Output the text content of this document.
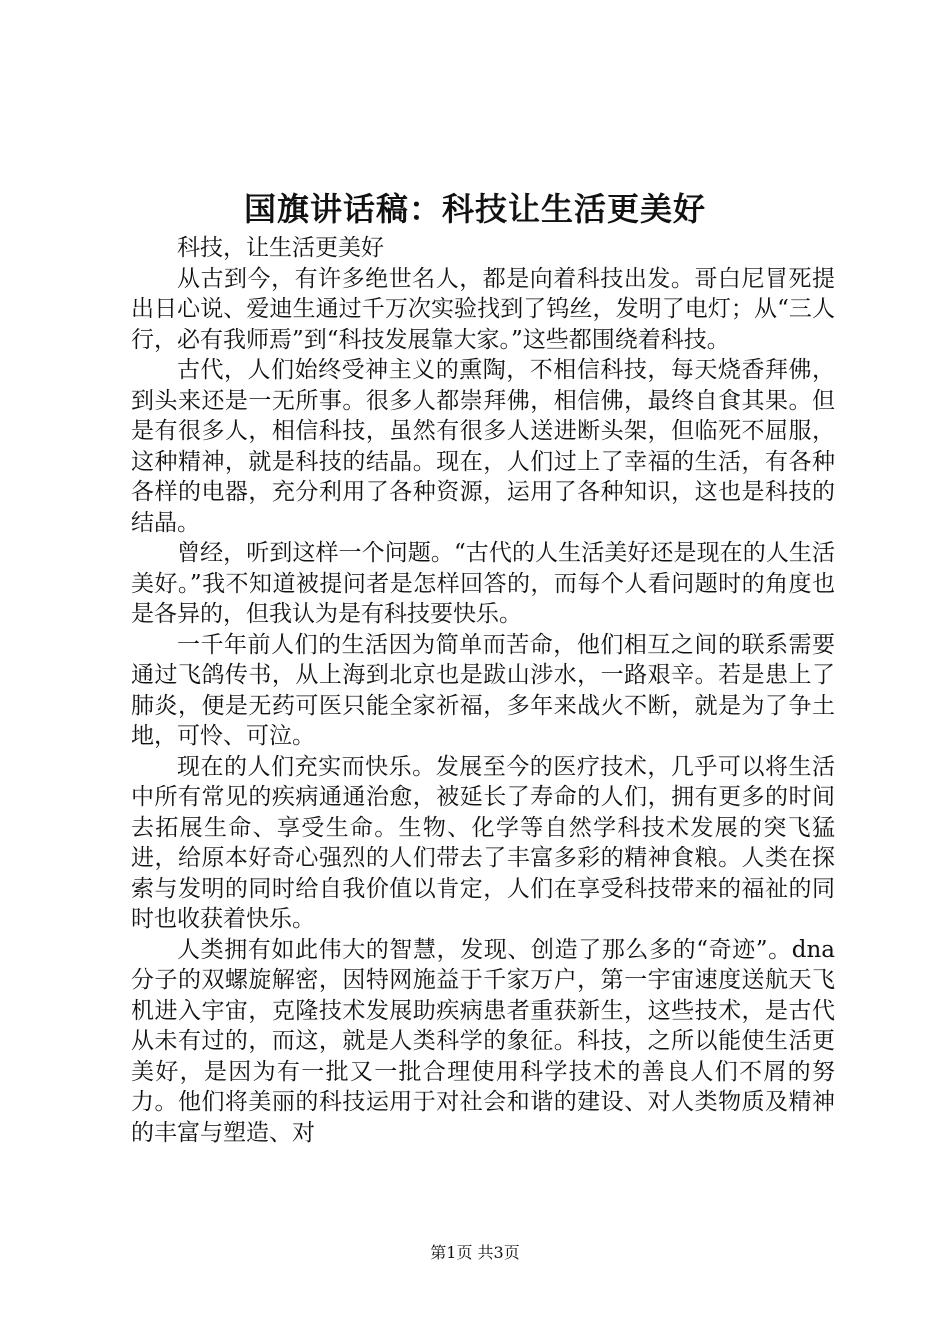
国旗讲话稿：科技让生活更美好

科技，让生活更美好

从古到今，有许多绝世名人，都是向着科技出发。哥白尼冒死提出日心说、爱迪生通过千万次实验找到了钨丝，发明了电灯；从“三人行，必有我师焉”到“科技发展靠大家。”这些都围绕着科技。

古代，人们始终受神主义的熏陶，不相信科技，每天烧香拜佛，到头来还是一无所事。很多人都崇拜佛，相信佛，最终自食其果。但是有很多人，相信科技，虽然有很多人送进断头架，但临死不屈服，这种精神，就是科技的结晶。现在，人们过上了幸福的生活，有各种各样的电器，充分利用了各种资源，运用了各种知识，这也是科技的结晶。

曾经，听到这样一个问题。“古代的人生活美好还是现在的人生活美好。”我不知道被提问者是怎样回答的，而每个人看问题时的角度也是各异的，但我认为是有科技要快乐。

一千年前人们的生活因为简单而苦命，他们相互之间的联系需要通过飞鸽传书，从上海到北京也是跋山涉水，一路艰辛。若是患上了肺炎，便是无药可医只能全家祈福，多年来战火不断，就是为了争土地，可怜、可泣。

现在的人们充实而快乐。发展至今的医疗技术，几乎可以将生活中所有常见的疾病通通治愈，被延长了寿命的人们，拥有更多的时间去拓展生命、享受生命。生物、化学等自然学科技术发展的突飞猛进，给原本好奇心强烈的人们带去了丰富多彩的精神食粮。人类在探索与发明的同时给自我价值以肯定，人们在享受科技带来的福祉的同时也收获着快乐。

人类拥有如此伟大的智慧，发现、创造了那么多的“奇迹”。dna分子的双螺旋解密，因特网施益于千家万户，第一宇宙速度送航天飞机进入宇宙，克隆技术发展助疾病患者重获新生，这些技术，是古代从未有过的，而这，就是人类科学的象征。科技，之所以能使生活更美好，是因为有一批又一批合理使用科学技术的善良人们不屑的努力。他们将美丽的科技运用于对社会和谐的建设、对人类物质及精神的丰富与塑造、对

第1页 共3页
